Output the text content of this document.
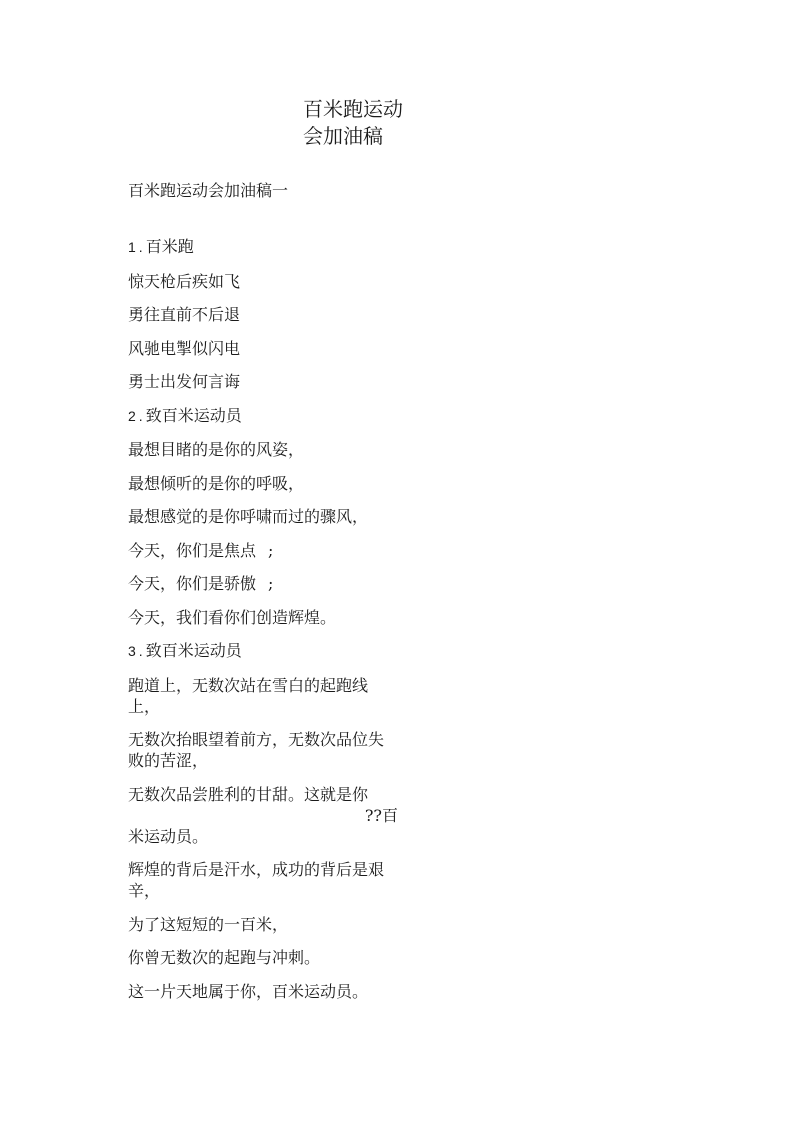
百米跑运动
会加油稿
百米跑运动会加油稿一

1 . 百米跑

惊天枪后疾如飞

勇往直前不后退

风驰电掣似闪电

勇士出发何言诲

2 . 致百米运动员

最想目睹的是你的风姿，

最想倾听的是你的呼吸，

最想感觉的是你呼啸而过的骤风，

今天，你们是焦点 ;

今天，你们是骄傲 ;

今天，我们看你们创造辉煌。

3 . 致百米运动员

跑道上，无数次站在雪白的起跑线上，

无数次抬眼望着前方，无数次品位失败的苦涩，

无数次品尝胜利的甘甜。这就是你
??百
米运动员。

辉煌的背后是汗水，成功的背后是艰辛，

为了这短短的一百米，

你曾无数次的起跑与冲刺。

这一片天地属于你，百米运动员。
